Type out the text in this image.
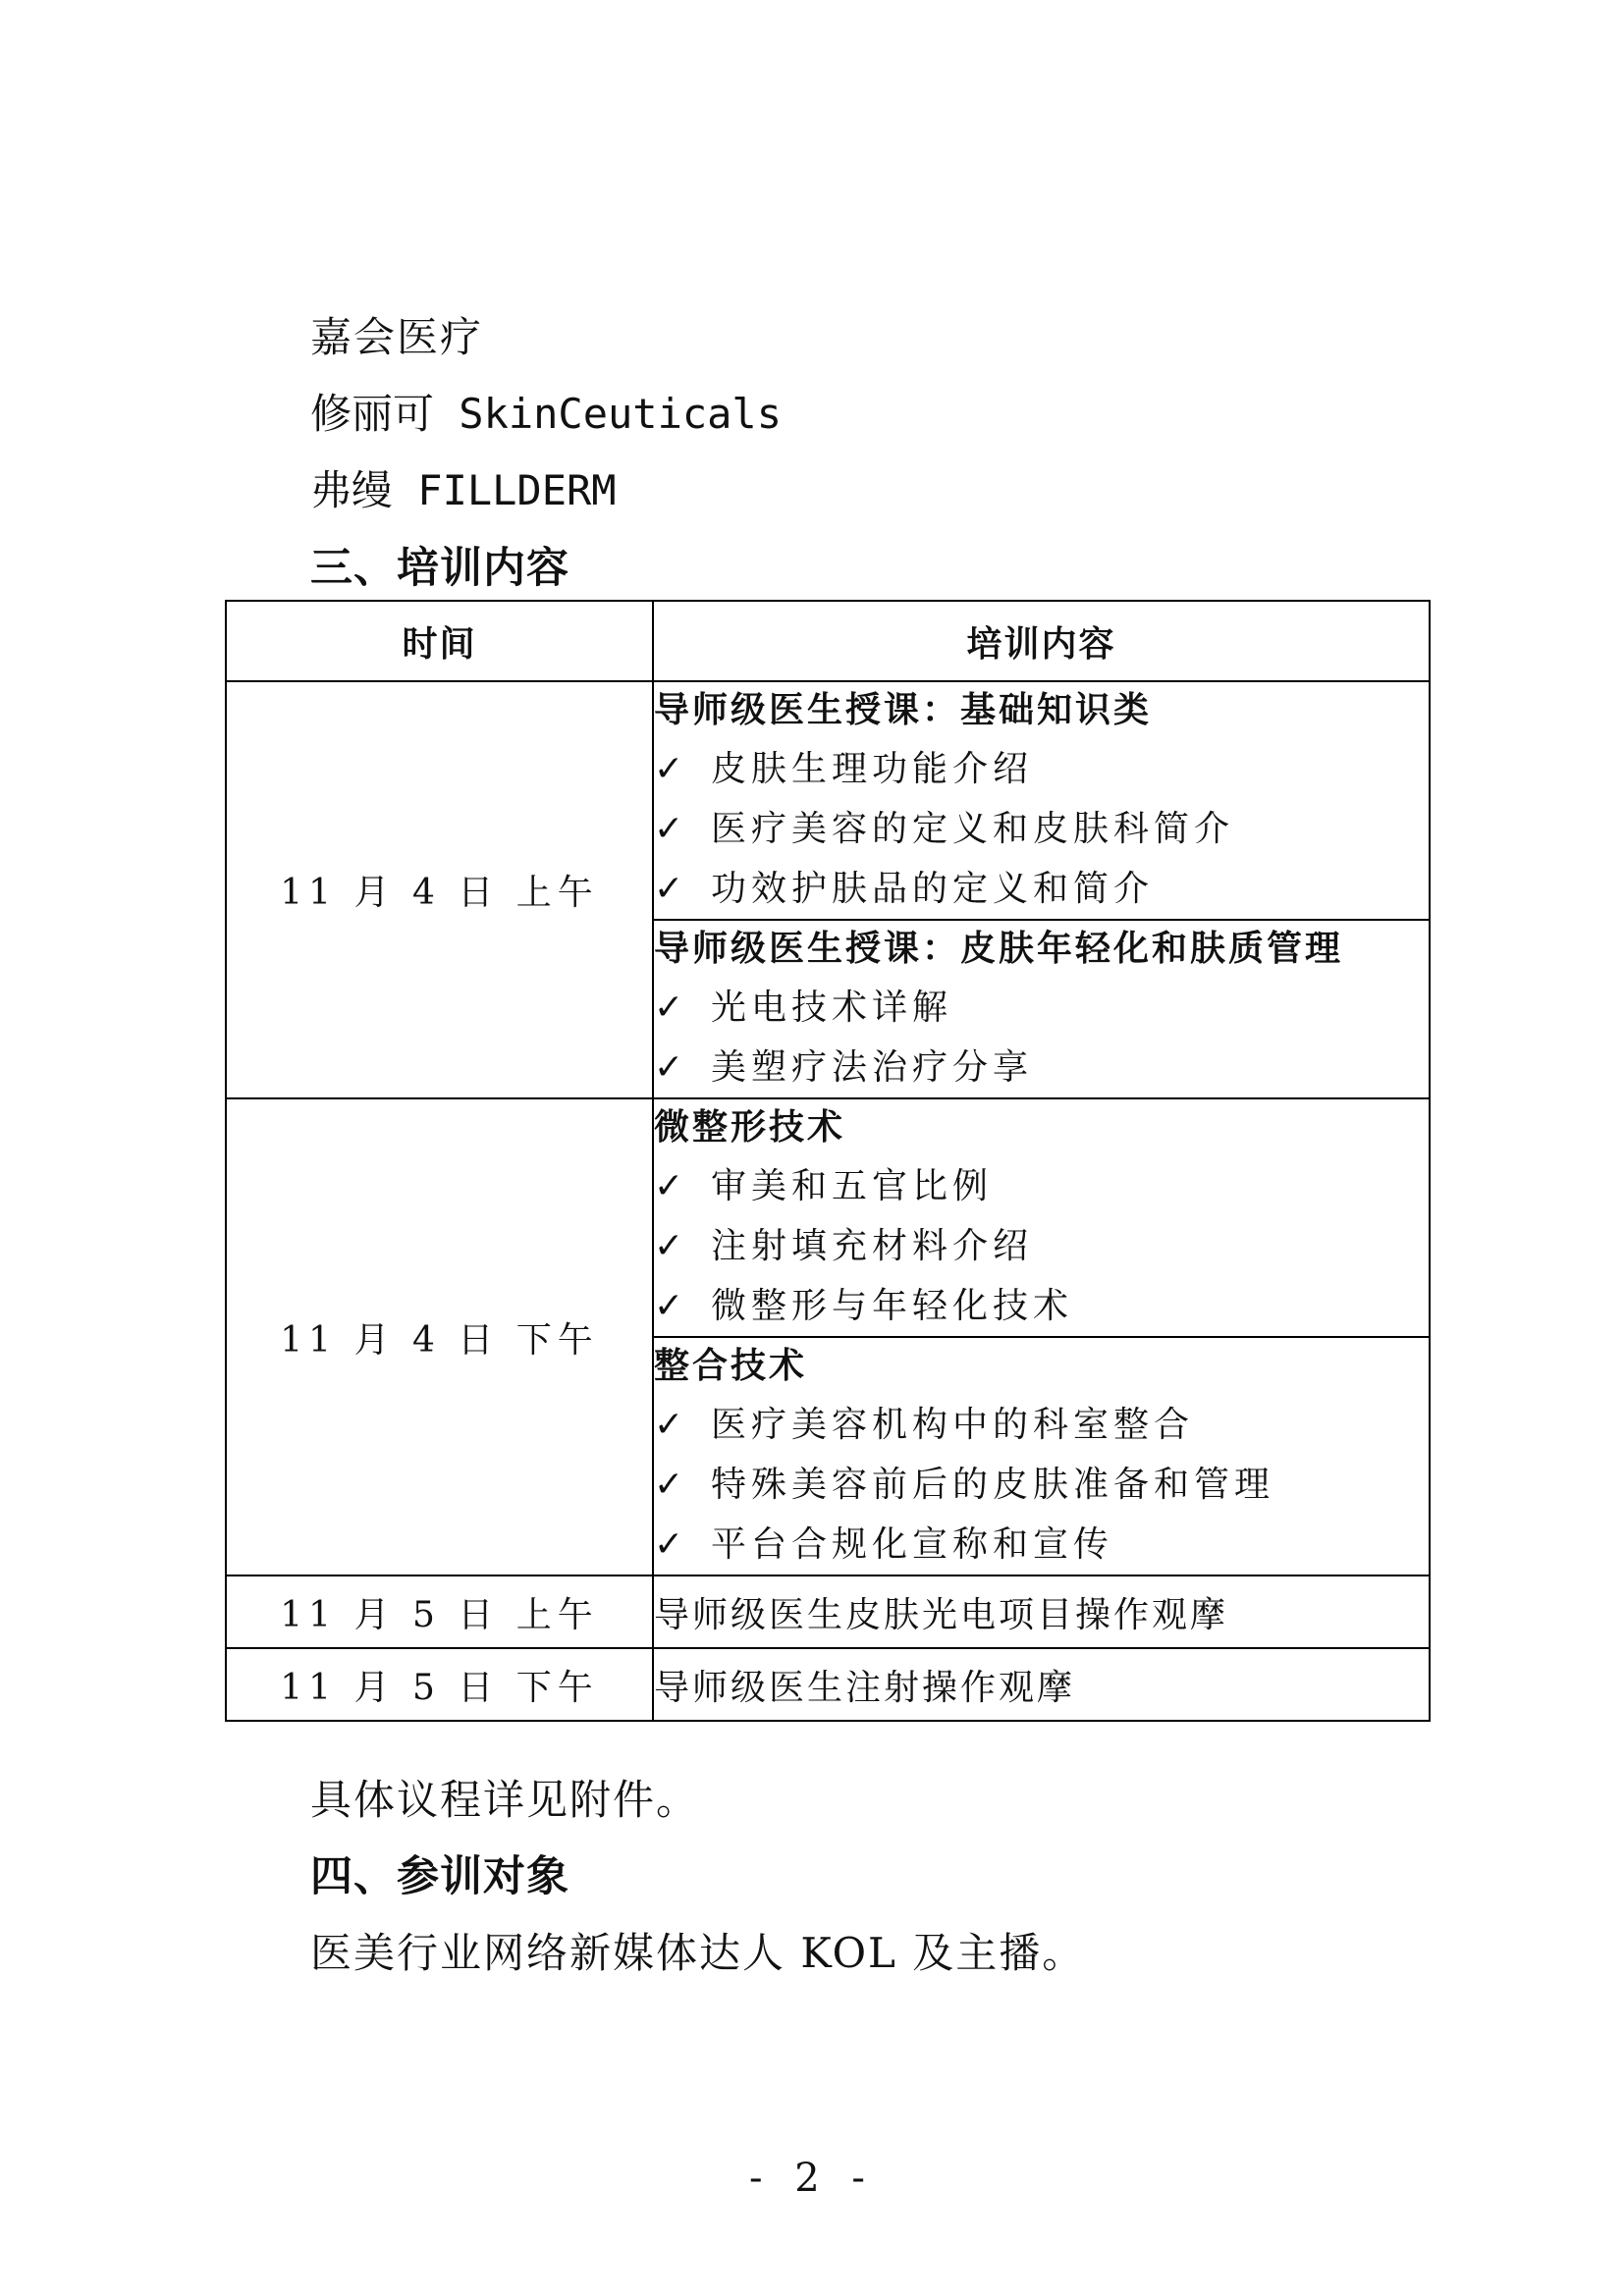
嘉会医疗
修丽可 SkinCeuticals
弗缦 FILLDERM
三、培训内容
时间	培训内容
11 月 4 日 上午	导师级医生授课：基础知识类
✓ 皮肤生理功能介绍
✓ 医疗美容的定义和皮肤科简介
✓ 功效护肤品的定义和简介

	导师级医生授课：皮肤年轻化和肤质管理
✓ 光电技术详解
✓ 美塑疗法治疗分享

11 月 4 日 下午	微整形技术
✓ 审美和五官比例
✓ 注射填充材料介绍
✓ 微整形与年轻化技术

	整合技术
✓ 医疗美容机构中的科室整合
✓ 特殊美容前后的皮肤准备和管理
✓ 平台合规化宣称和宣传

11 月 5 日 上午	导师级医生皮肤光电项目操作观摩
11 月 5 日 下午	导师级医生注射操作观摩
具体议程详见附件。
四、参训对象
医美行业网络新媒体达人 KOL 及主播。
- 2 -
